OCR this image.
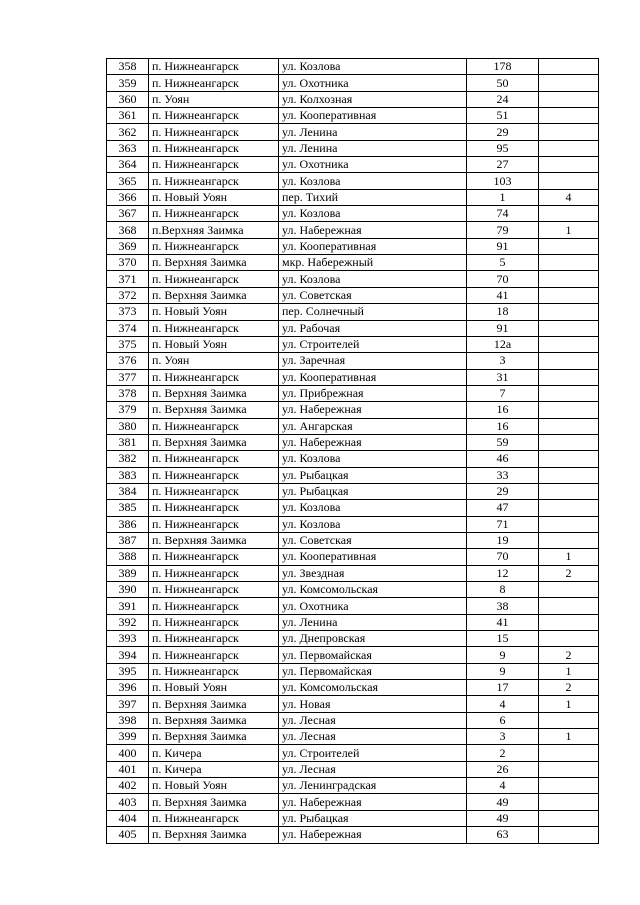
358	п. Нижнеангарск	ул. Козлова	178	
359	п. Нижнеангарск	ул. Охотника	50	
360	п. Уоян	ул. Колхозная	24	
361	п. Нижнеангарск	ул. Кооперативная	51	
362	п. Нижнеангарск	ул. Ленина	29	
363	п. Нижнеангарск	ул. Ленина	95	
364	п. Нижнеангарск	ул. Охотника	27	
365	п. Нижнеангарск	ул. Козлова	103	
366	п. Новый Уоян	пер. Тихий	1	4
367	п. Нижнеангарск	ул. Козлова	74	
368	п.Верхняя Заимка	ул. Набережная	79	1
369	п. Нижнеангарск	ул. Кооперативная	91	
370	п. Верхняя Заимка	мкр. Набережный	5	
371	п. Нижнеангарск	ул. Козлова	70	
372	п. Верхняя Заимка	ул. Советская	41	
373	п. Новый Уоян	пер. Солнечный	18	
374	п. Нижнеангарск	ул. Рабочая	91	
375	п. Новый Уоян	ул. Строителей	12а	
376	п. Уоян	ул. Заречная	3	
377	п. Нижнеангарск	ул. Кооперативная	31	
378	п. Верхняя Заимка	ул. Прибрежная	7	
379	п. Верхняя Заимка	ул. Набережная	16	
380	п. Нижнеангарск	ул. Ангарская	16	
381	п. Верхняя Заимка	ул. Набережная	59	
382	п. Нижнеангарск	ул. Козлова	46	
383	п. Нижнеангарск	ул. Рыбацкая	33	
384	п. Нижнеангарск	ул. Рыбацкая	29	
385	п. Нижнеангарск	ул. Козлова	47	
386	п. Нижнеангарск	ул. Козлова	71	
387	п. Верхняя Заимка	ул. Советская	19	
388	п. Нижнеангарск	ул. Кооперативная	70	1
389	п. Нижнеангарск	ул. Звездная	12	2
390	п. Нижнеангарск	ул. Комсомольская	8	
391	п. Нижнеангарск	ул. Охотника	38	
392	п. Нижнеангарск	ул. Ленина	41	
393	п. Нижнеангарск	ул. Днепровская	15	
394	п. Нижнеангарск	ул. Первомайская	9	2
395	п. Нижнеангарск	ул. Первомайская	9	1
396	п. Новый Уоян	ул. Комсомольская	17	2
397	п. Верхняя Заимка	ул. Новая	4	1
398	п. Верхняя Заимка	ул. Лесная	6	
399	п. Верхняя Заимка	ул. Лесная	3	1
400	п. Кичера	ул. Строителей	2	
401	п. Кичера	ул. Лесная	26	
402	п. Новый Уоян	ул. Ленинградская	4	
403	п. Верхняя Заимка	ул. Набережная	49	
404	п. Нижнеангарск	ул. Рыбацкая	49	
405	п. Верхняя Заимка	ул. Набережная	63	
